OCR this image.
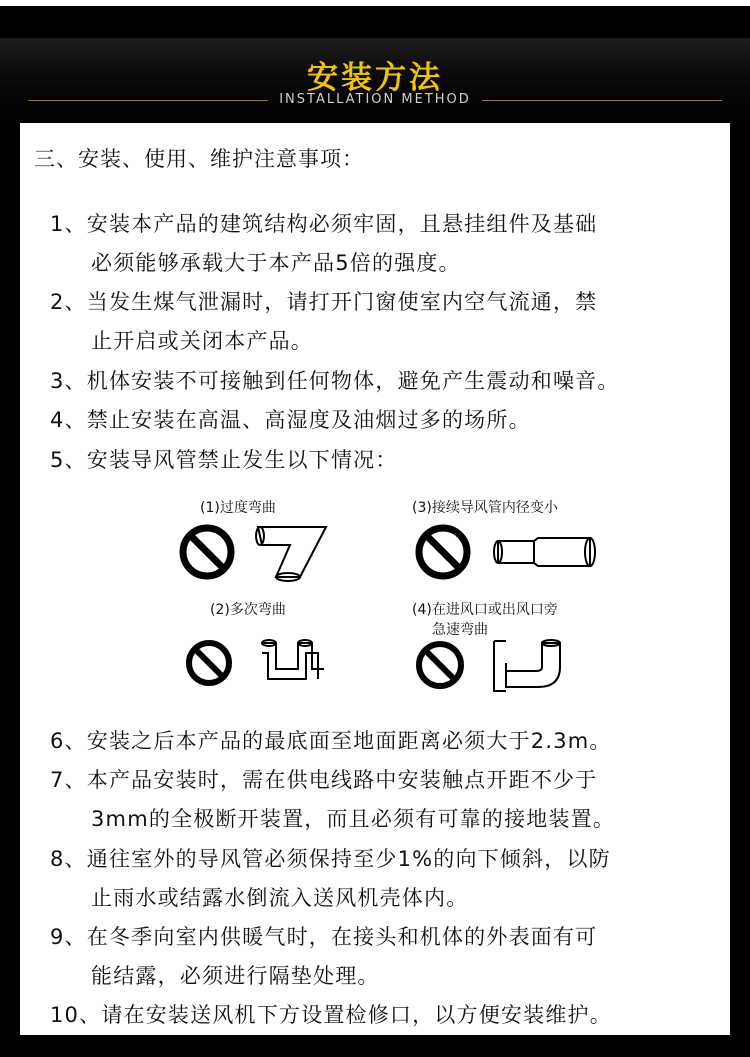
安装方法
INSTALLATION METHOD
三、安装、使用、维护注意事项：
1、安装本产品的建筑结构必须牢固，且悬挂组件及基础
必须能够承载大于本产品5倍的强度。
2、当发生煤气泄漏时，请打开门窗使室内空气流通，禁
止开启或关闭本产品。
3、机体安装不可接触到任何物体，避免产生震动和噪音。
4、禁止安装在高温、高湿度及油烟过多的场所。
5、安装导风管禁止发生以下情况：
(1)过度弯曲	(3)接续导风管内径变小
(2)多次弯曲	(4)在进风口或出风口旁
急速弯曲
6、安装之后本产品的最底面至地面距离必须大于2.3m。
7、本产品安装时，需在供电线路中安装触点开距不少于
3mm的全极断开装置，而且必须有可靠的接地装置。
8、通往室外的导风管必须保持至少1%的向下倾斜，以防
止雨水或结露水倒流入送风机壳体内。
9、在冬季向室内供暖气时，在接头和机体的外表面有可
能结露，必须进行隔垫处理。
10、请在安装送风机下方设置检修口，以方便安装维护。
